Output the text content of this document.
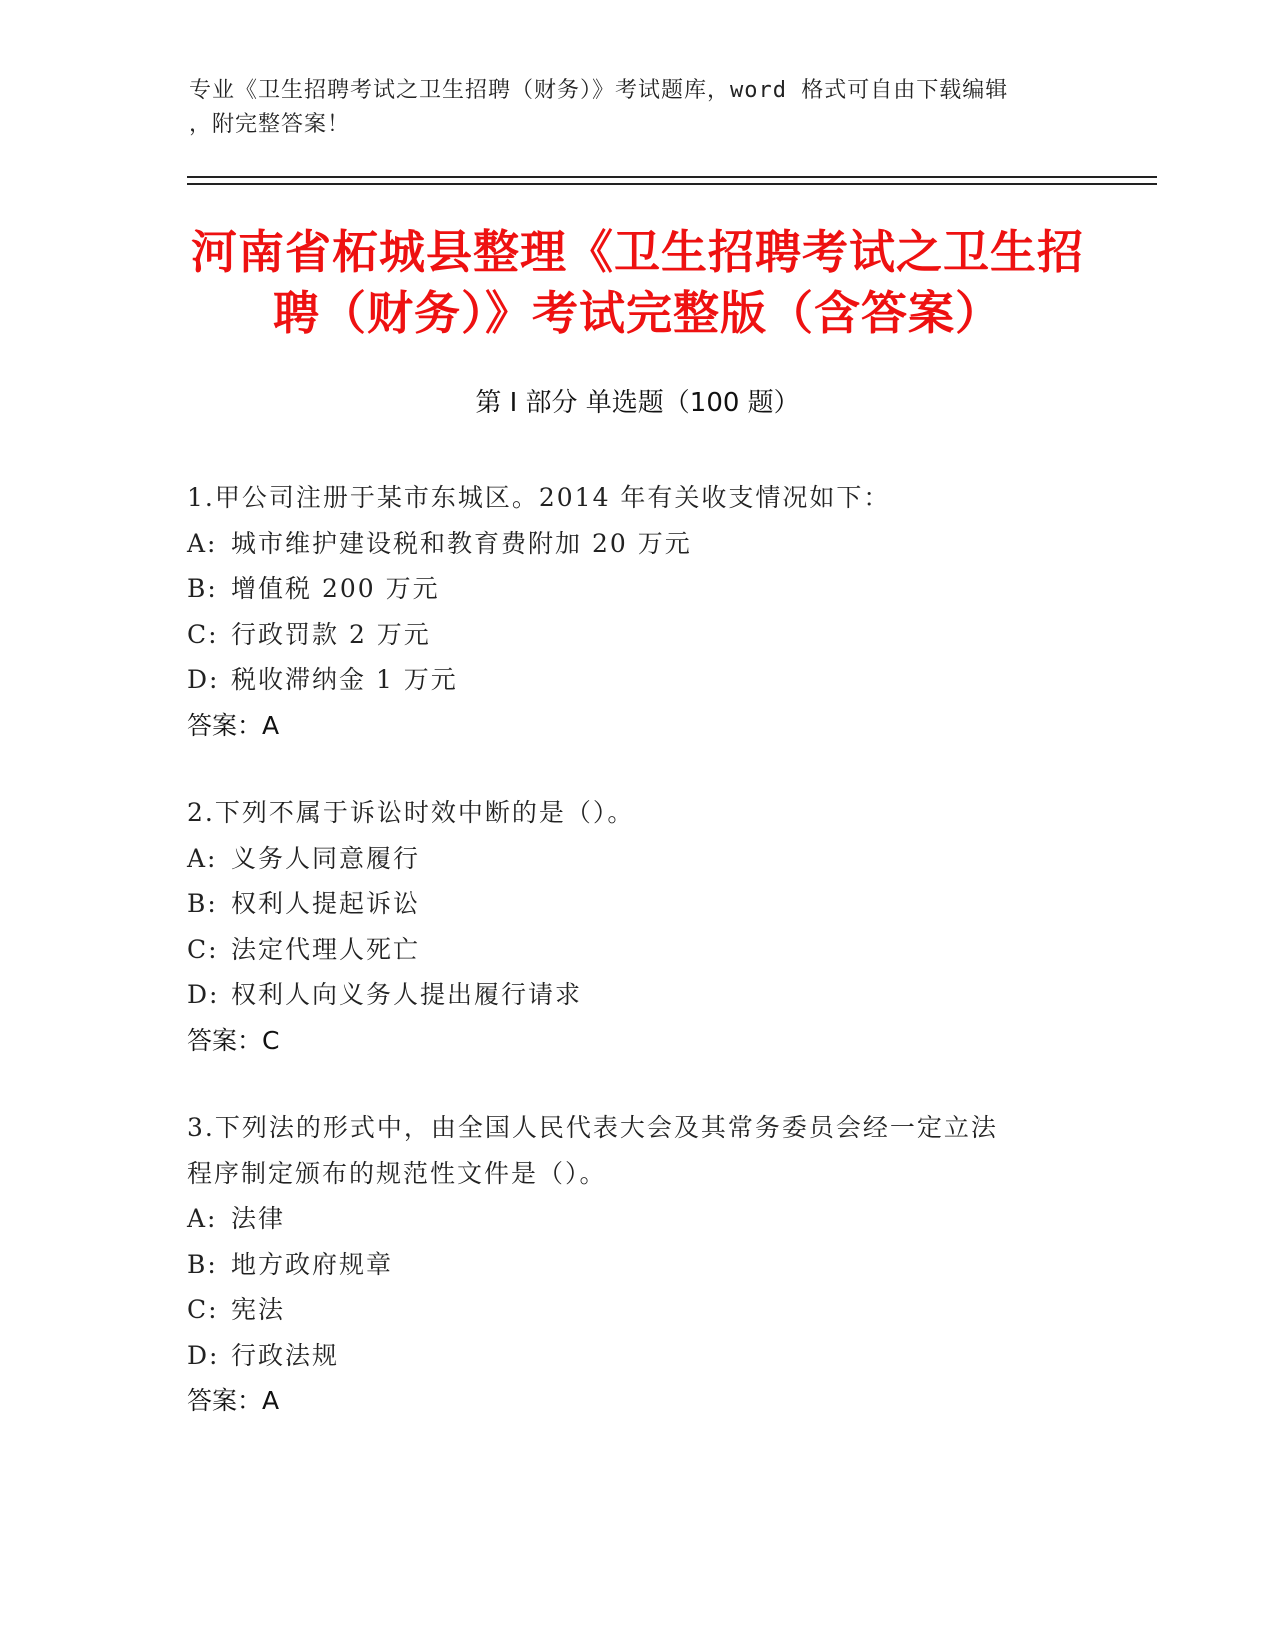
专业《卫生招聘考试之卫生招聘（财务）》考试题库，word 格式可自由下载编辑
，附完整答案！
河南省柘城县整理《卫生招聘考试之卫生招
聘（财务）》考试完整版（含答案）
第 I 部分 单选题（100 题）
1.甲公司注册于某市东城区。2014 年有关收支情况如下：
A: 城市维护建设税和教育费附加 20 万元
B: 增值税 200 万元
C: 行政罚款 2 万元
D: 税收滞纳金 1 万元
答案：A
2.下列不属于诉讼时效中断的是（）。
A: 义务人同意履行
B: 权利人提起诉讼
C: 法定代理人死亡
D: 权利人向义务人提出履行请求
答案：C
3.下列法的形式中，由全国人民代表大会及其常务委员会经一定立法
程序制定颁布的规范性文件是（）。
A: 法律
B: 地方政府规章
C: 宪法
D: 行政法规
答案：A
